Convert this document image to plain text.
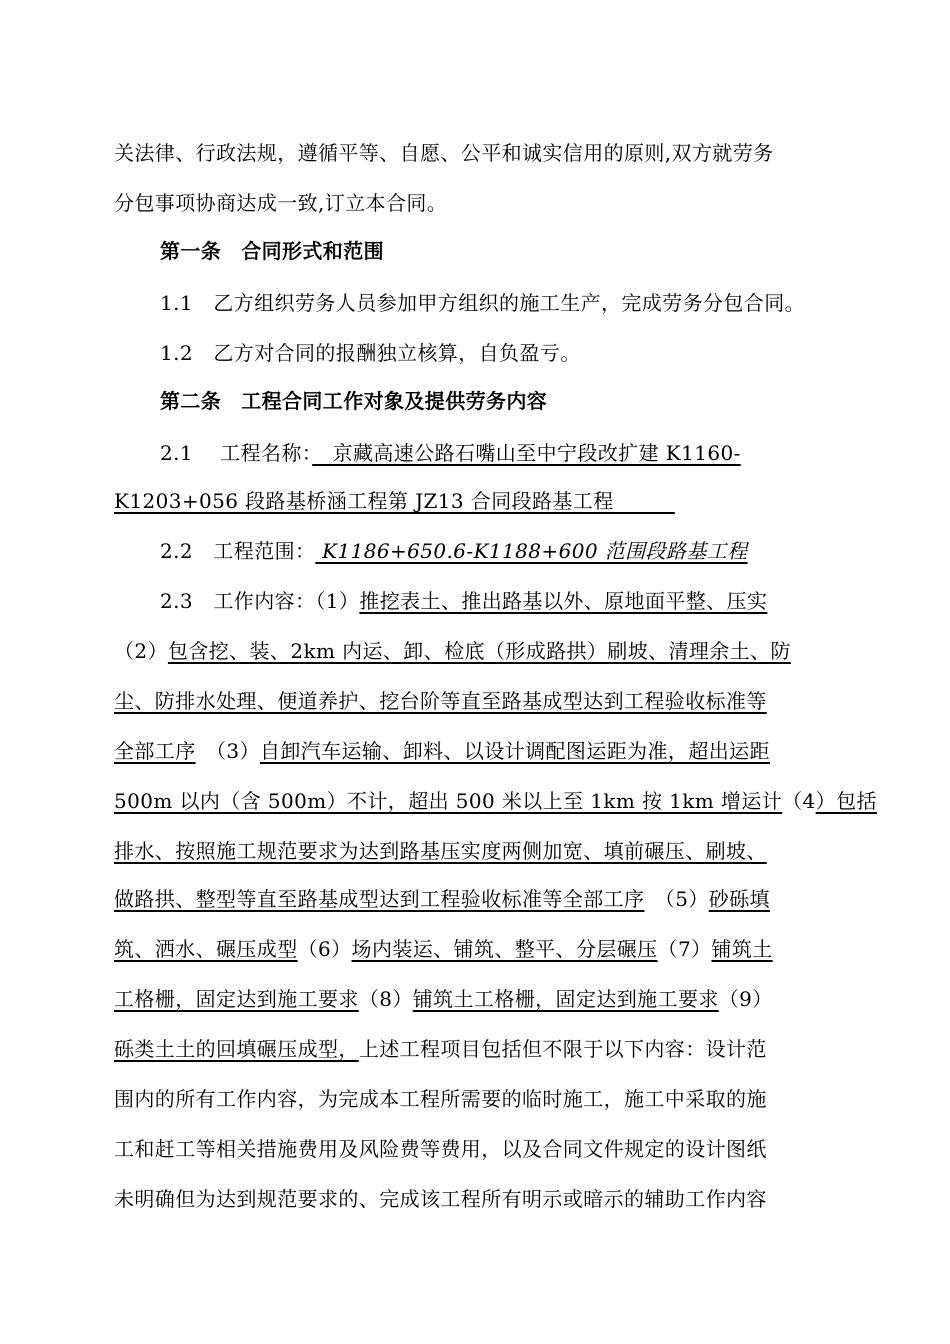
关法律、行政法规，遵循平等、自愿、公平和诚实信用的原则,双方就劳务
分包事项协商达成一致,订立本合同。
第一条 合同形式和范围
1.1　乙方组织劳务人员参加甲方组织的施工生产，完成劳务分包合同。
1.2　乙方对合同的报酬独立核算，自负盈亏。
第二条 工程合同工作对象及提供劳务内容
2.1　 工程名称：　京藏高速公路石嘴山至中宁段改扩建 K1160-
K1203+056 段路基桥涵工程第 JZ13 合同段路基工程　　　
2.2　工程范围： K1186+650.6-K1188+600 范围段路基工程
2.3　工作内容：（1）推挖表土、推出路基以外、原地面平整、压实
（2）包含挖、装、2km 内运、卸、检底（形成路拱）刷坡、清理余土、防
尘、防排水处理、便道养护、挖台阶等直至路基成型达到工程验收标准等
全部工序　（3）自卸汽车运输、卸料、以设计调配图运距为准，超出运距
500m 以内（含 500m）不计，超出 500 米以上至 1km 按 1km 增运计（4）包括
排水、按照施工规范要求为达到路基压实度两侧加宽、填前碾压、刷坡、
做路拱、整型等直至路基成型达到工程验收标准等全部工序　（5）砂砾填
筑、洒水、碾压成型（6）场内装运、铺筑、整平、分层碾压（7）铺筑土
工格栅，固定达到施工要求（8）铺筑土工格栅，固定达到施工要求（9）
砾类土土的回填碾压成型，上述工程项目包括但不限于以下内容：设计范
围内的所有工作内容，为完成本工程所需要的临时施工，施工中采取的施
工和赶工等相关措施费用及风险费等费用，以及合同文件规定的设计图纸
未明确但为达到规范要求的、完成该工程所有明示或暗示的辅助工作内容
